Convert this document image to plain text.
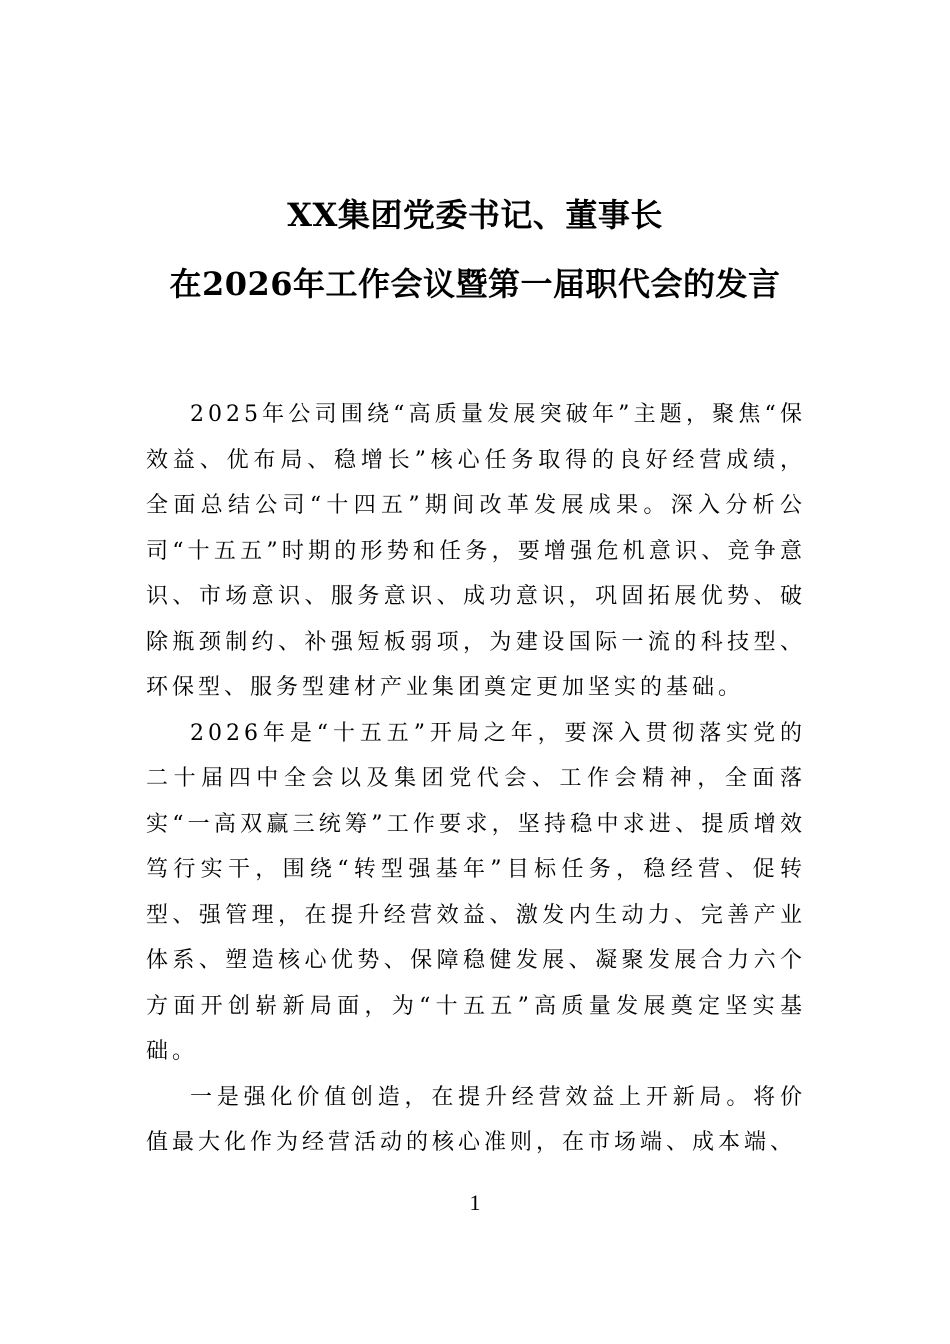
XX集团党委书记、董事长
在2026年工作会议暨第一届职代会的发言

2025年公司围绕“高质量发展突破年”主题，聚焦“保效益、优布局、稳增长”核心任务取得的良好经营成绩，全面总结公司“十四五”期间改革发展成果。深入分析公司“十五五”时期的形势和任务，要增强危机意识、竞争意识、市场意识、服务意识、成功意识，巩固拓展优势、破除瓶颈制约、补强短板弱项，为建设国际一流的科技型、环保型、服务型建材产业集团奠定更加坚实的基础。

2026年是“十五五”开局之年，要深入贯彻落实党的二十届四中全会以及集团党代会、工作会精神，全面落实“一高双赢三统筹”工作要求，坚持稳中求进、提质增效笃行实干，围绕“转型强基年”目标任务，稳经营、促转型、强管理，在提升经营效益、激发内生动力、完善产业体系、塑造核心优势、保障稳健发展、凝聚发展合力六个方面开创崭新局面，为“十五五”高质量发展奠定坚实基础。

一是强化价值创造，在提升经营效益上开新局。将价值最大化作为经营活动的核心准则，在市场端、成本端、

1
